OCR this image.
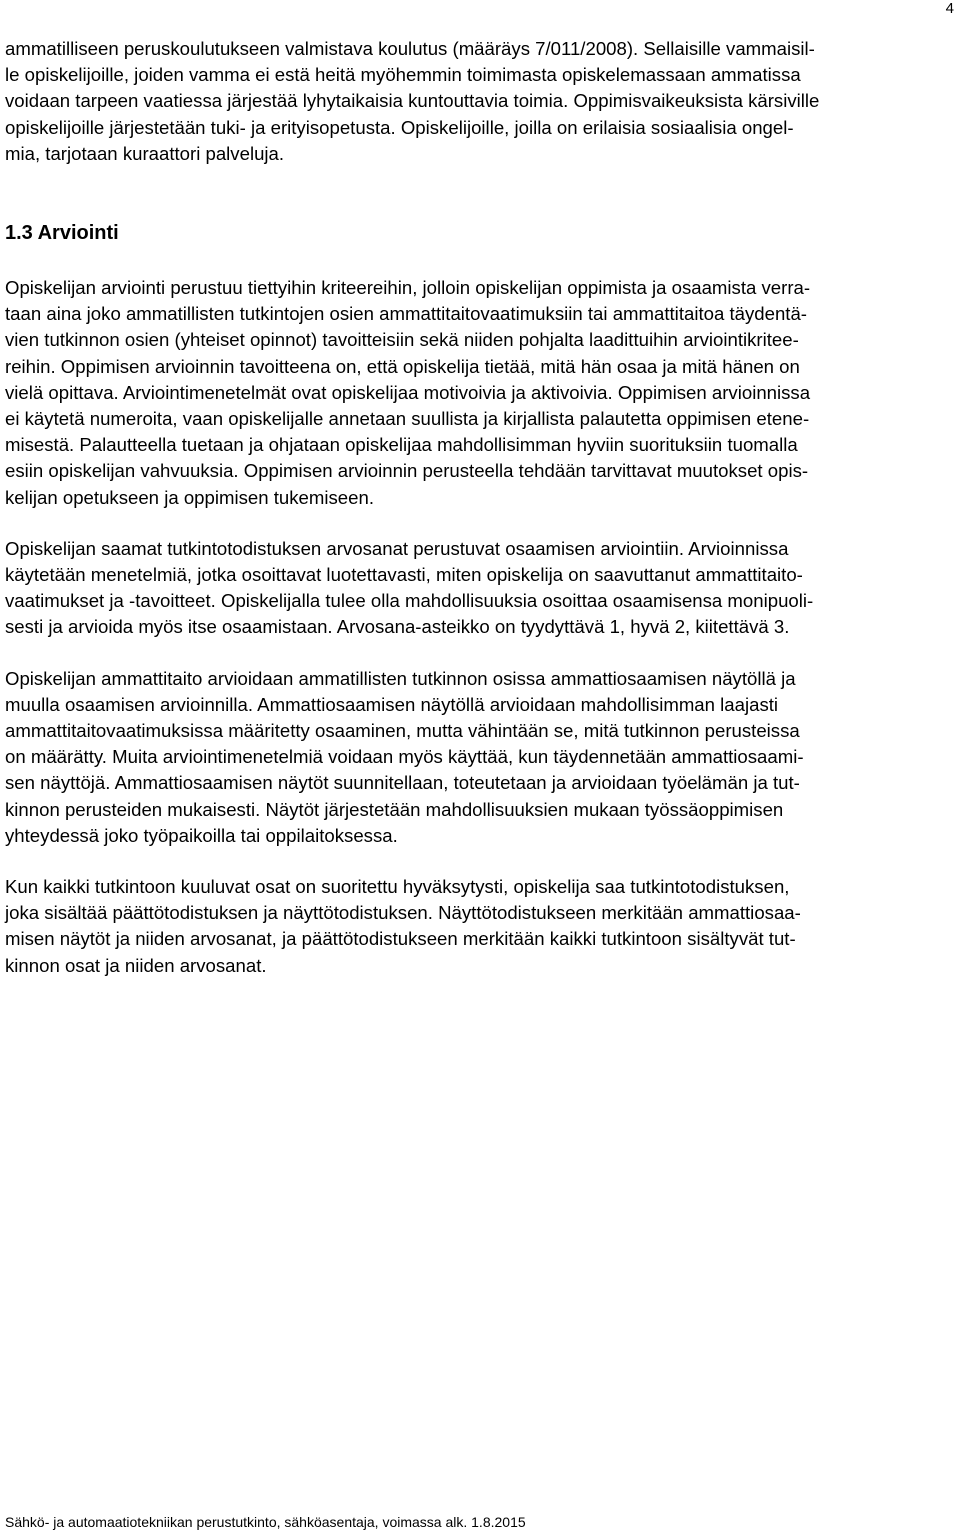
4
ammatilliseen peruskoulutukseen valmistava koulutus (määräys 7/011/2008). Sellaisille vammaisil-
le opiskelijoille, joiden vamma ei estä heitä myöhemmin toimimasta opiskelemassaan ammatissa
voidaan tarpeen vaatiessa järjestää lyhytaikaisia kuntouttavia toimia. Oppimisvaikeuksista kärsiville
opiskelijoille järjestetään tuki- ja erityisopetusta. Opiskelijoille, joilla on erilaisia sosiaalisia ongel-
mia, tarjotaan kuraattori palveluja.
1.3 Arviointi
Opiskelijan arviointi perustuu tiettyihin kriteereihin, jolloin opiskelijan oppimista ja osaamista verra-
taan aina joko ammatillisten tutkintojen osien ammattitaitovaatimuksiin tai ammattitaitoa täydentä-
vien tutkinnon osien (yhteiset opinnot) tavoitteisiin sekä niiden pohjalta laadittuihin arviointikritee-
reihin. Oppimisen arvioinnin tavoitteena on, että opiskelija tietää, mitä hän osaa ja mitä hänen on
vielä opittava. Arviointimenetelmät ovat opiskelijaa motivoivia ja aktivoivia. Oppimisen arvioinnissa
ei käytetä numeroita, vaan opiskelijalle annetaan suullista ja kirjallista palautetta oppimisen etene-
misestä. Palautteella tuetaan ja ohjataan opiskelijaa mahdollisimman hyviin suorituksiin tuomalla
esiin opiskelijan vahvuuksia. Oppimisen arvioinnin perusteella tehdään tarvittavat muutokset opis-
kelijan opetukseen ja oppimisen tukemiseen.
Opiskelijan saamat tutkintotodistuksen arvosanat perustuvat osaamisen arviointiin. Arvioinnissa
käytetään menetelmiä, jotka osoittavat luotettavasti, miten opiskelija on saavuttanut ammattitaito-
vaatimukset ja -tavoitteet. Opiskelijalla tulee olla mahdollisuuksia osoittaa osaamisensa monipuoli-
sesti ja arvioida myös itse osaamistaan. Arvosana-asteikko on tyydyttävä 1, hyvä 2, kiitettävä 3.
Opiskelijan ammattitaito arvioidaan ammatillisten tutkinnon osissa ammattiosaamisen näytöllä ja
muulla osaamisen arvioinnilla. Ammattiosaamisen näytöllä arvioidaan mahdollisimman laajasti
ammattitaitovaatimuksissa määritetty osaaminen, mutta vähintään se, mitä tutkinnon perusteissa
on määrätty. Muita arviointimenetelmiä voidaan myös käyttää, kun täydennetään ammattiosaami-
sen näyttöjä. Ammattiosaamisen näytöt suunnitellaan, toteutetaan ja arvioidaan työelämän ja tut-
kinnon perusteiden mukaisesti. Näytöt järjestetään mahdollisuuksien mukaan työssäoppimisen
yhteydessä joko työpaikoilla tai oppilaitoksessa.
Kun kaikki tutkintoon kuuluvat osat on suoritettu hyväksytysti, opiskelija saa tutkintotodistuksen,
joka sisältää päättötodistuksen ja näyttötodistuksen. Näyttötodistukseen merkitään ammattiosaa-
misen näytöt ja niiden arvosanat, ja päättötodistukseen merkitään kaikki tutkintoon sisältyvät tut-
kinnon osat ja niiden arvosanat.
Sähkö- ja automaatiotekniikan perustutkinto, sähköasentaja, voimassa alk. 1.8.2015
